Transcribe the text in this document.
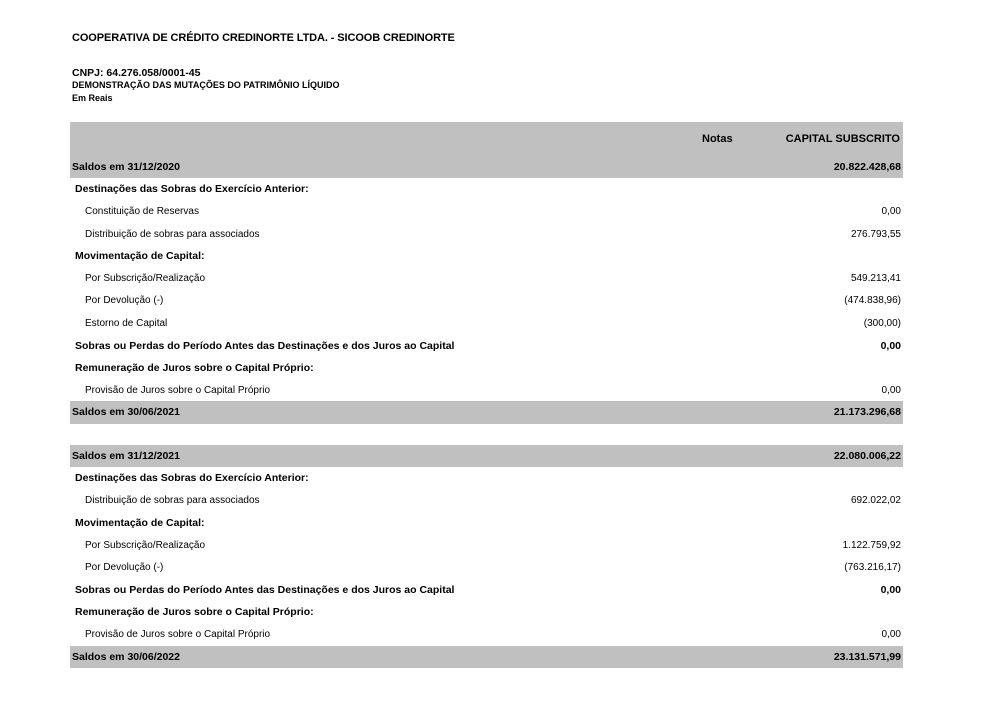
COOPERATIVA DE CRÉDITO CREDINORTE LTDA. - SICOOB CREDINORTE
CNPJ: 64.276.058/0001-45
DEMONSTRAÇÃO DAS MUTAÇÕES DO PATRIMÔNIO LÍQUIDO
Em Reais
Notas	CAPITAL SUBSCRITO
Saldos em 31/12/2020	20.822.428,68
Destinações das Sobras do Exercício Anterior:
Constituição de Reservas	0,00
Distribuição de sobras para associados	276.793,55
Movimentação de Capital:
Por Subscrição/Realização	549.213,41
Por Devolução (-)	(474.838,96)
Estorno de Capital	(300,00)
Sobras ou Perdas do Período Antes das Destinações e dos Juros ao Capital	0,00
Remuneração de Juros sobre o Capital Próprio:
Provisão de Juros sobre o Capital Próprio	0,00
Saldos em 30/06/2021	21.173.296,68
Saldos em 31/12/2021	22.080.006,22
Destinações das Sobras do Exercício Anterior:
Distribuição de sobras para associados	692.022,02
Movimentação de Capital:
Por Subscrição/Realização	1.122.759,92
Por Devolução (-)	(763.216,17)
Sobras ou Perdas do Período Antes das Destinações e dos Juros ao Capital	0,00
Remuneração de Juros sobre o Capital Próprio:
Provisão de Juros sobre o Capital Próprio	0,00
Saldos em 30/06/2022	23.131.571,99
